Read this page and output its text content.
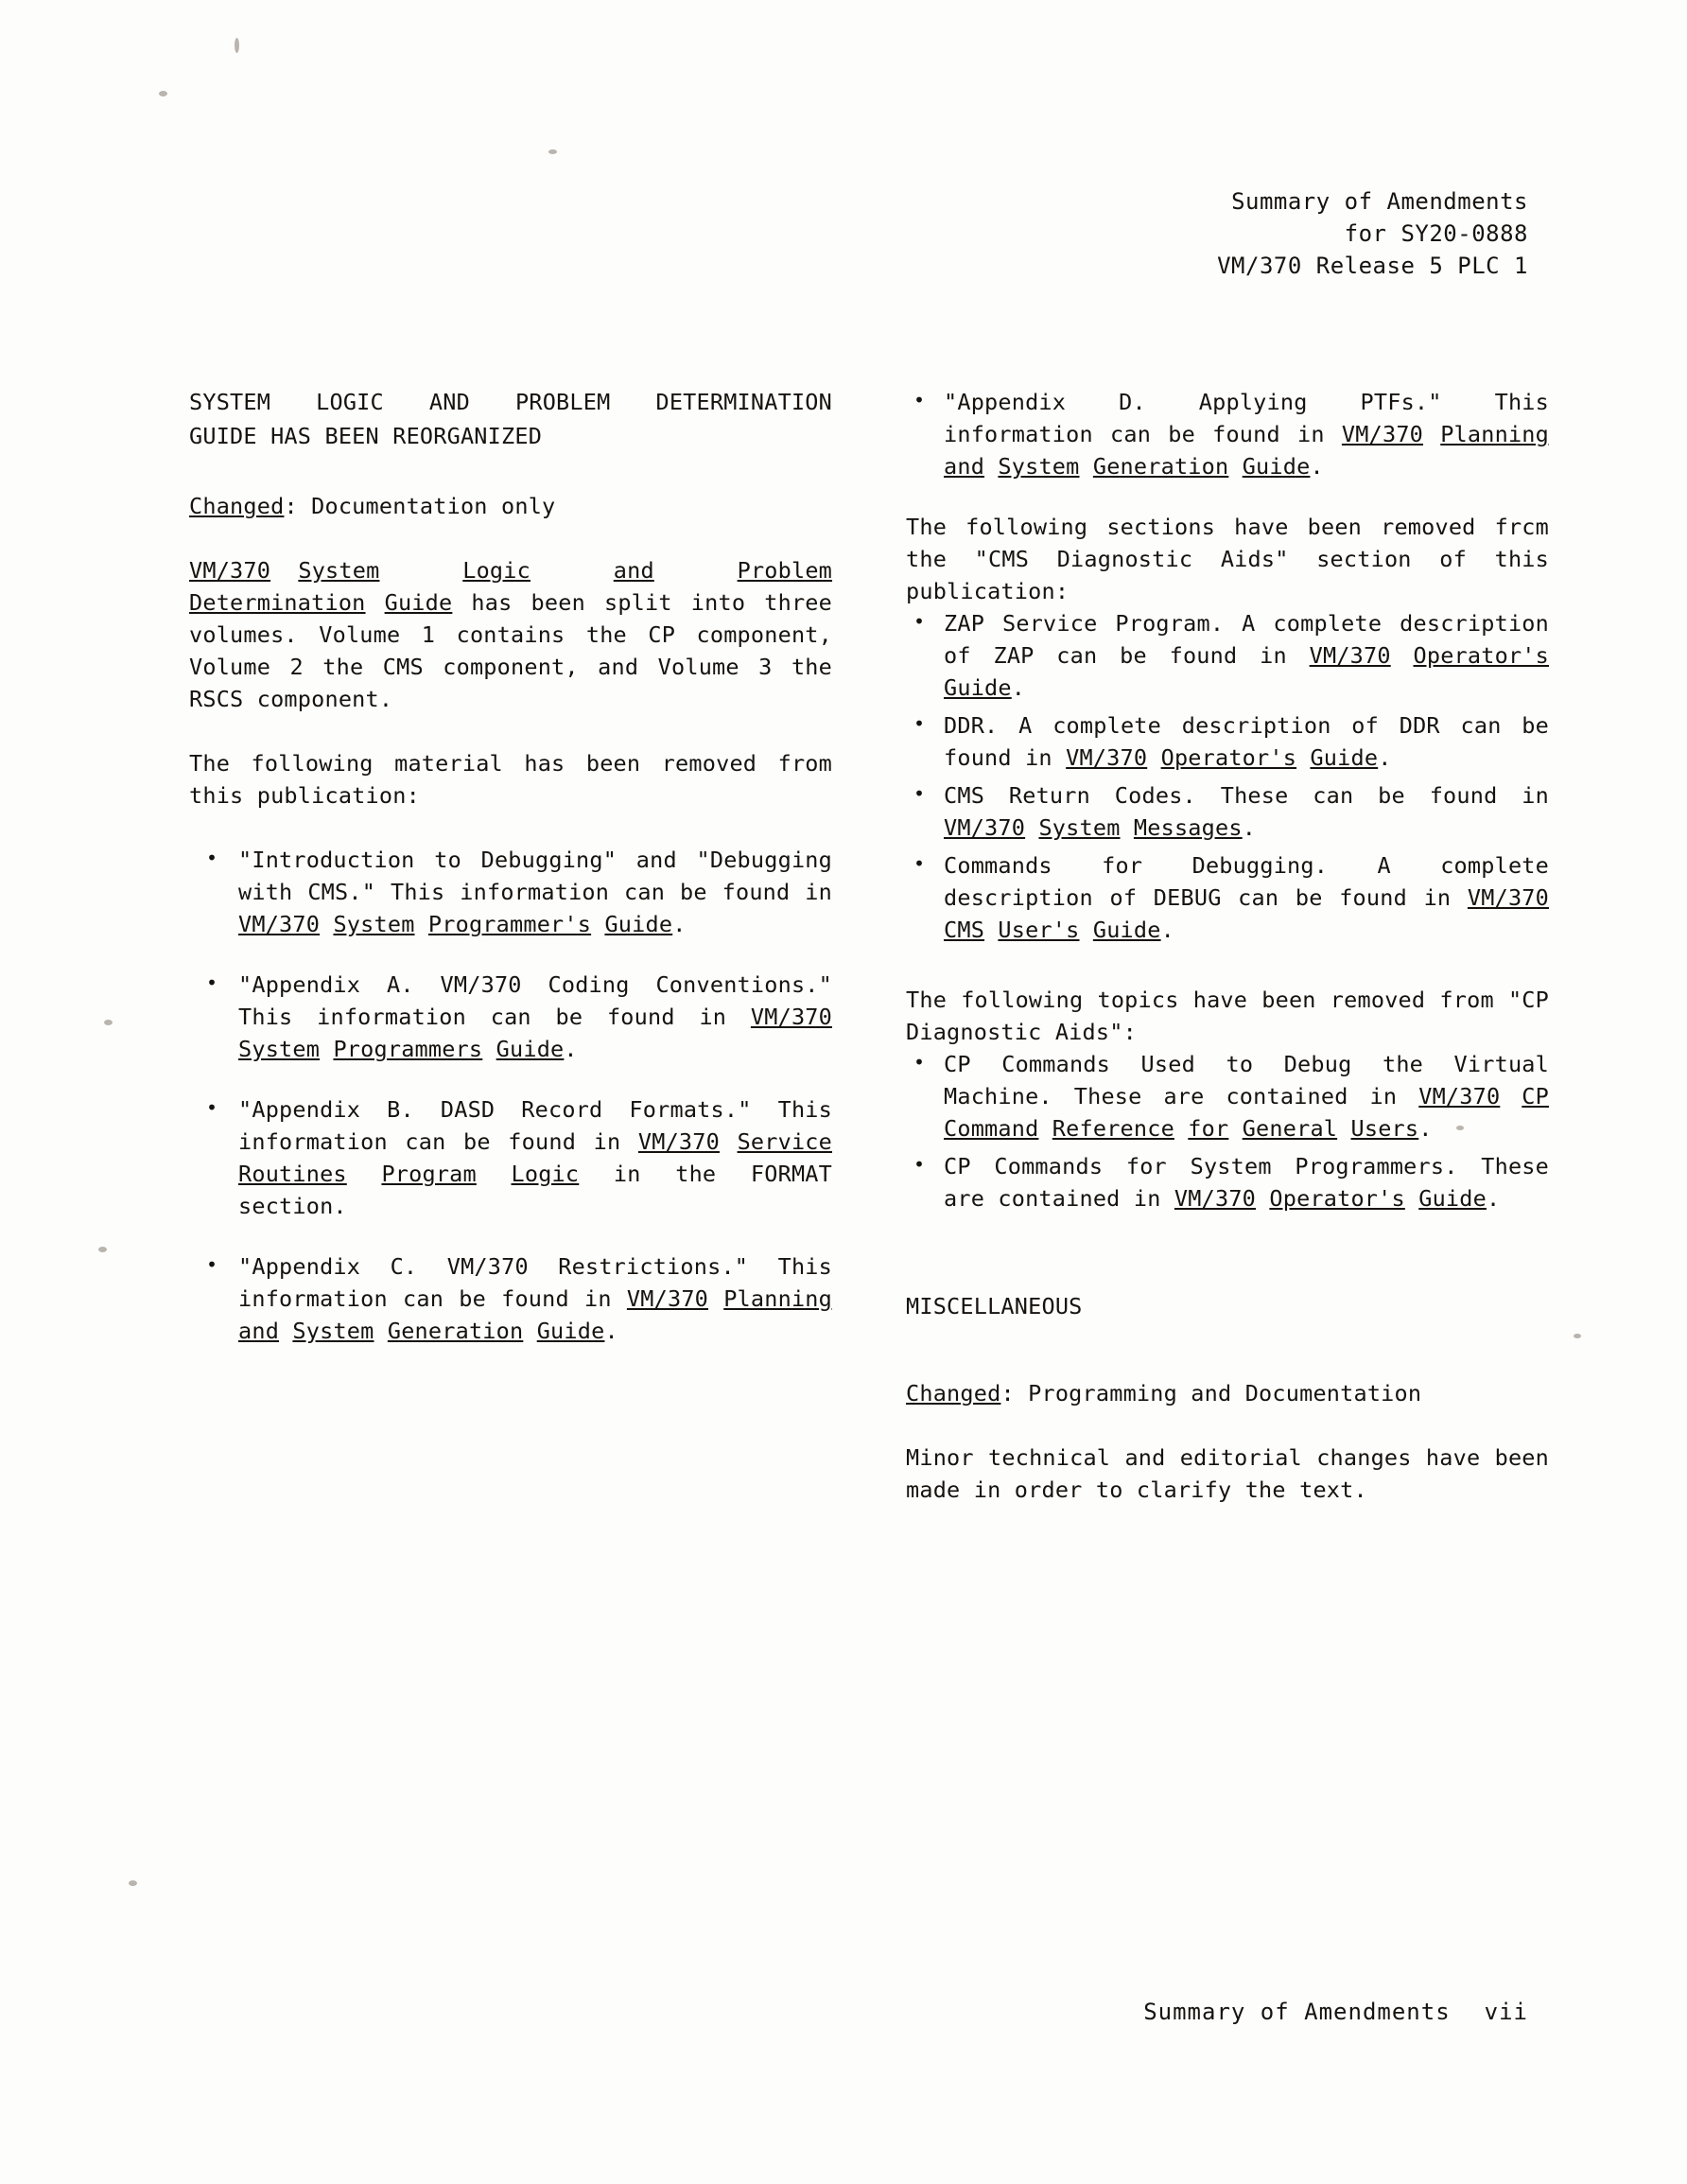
Summary of Amendments
for SY20-0888
VM/370 Release 5 PLC 1
SYSTEM LOGIC AND PROBLEM DETERMINATION
GUIDE HAS BEEN REORGANIZED

Changed: Documentation only

VM/370 System	Logic	and	Problem Determination Guide has been split into three volumes. Volume 1 contains the CP component, Volume 2 the CMS component, and Volume 3 the RSCS component.

The following material has been removed from this publication:

• "Introduction to Debugging" and "Debugging with CMS." This information can be found in VM/370 System Programmer's Guide.
• "Appendix A. VM/370 Coding Conventions." This information can be found in VM/370 System Programmers Guide.
• "Appendix B. DASD Record Formats." This information can be found in VM/370 Service Routines Program Logic in the FORMAT section.
• "Appendix C. VM/370 Restrictions." This information can be found in VM/370 Planning and System Generation Guide.
• "Appendix D. Applying PTFs." This information can be found in VM/370 Planning and System Generation Guide.

The following sections have been removed frcm the "CMS Diagnostic Aids" section of this publication:

• ZAP Service Program. A complete description of ZAP can be found in VM/370 Operator's Guide.
• DDR. A complete description of DDR can be found in VM/370 Operator's Guide.
• CMS Return Codes. These can be found in VM/370 System Messages.
• Commands for Debugging. A complete description of DEBUG can be found in VM/370 CMS User's Guide.

The following topics have been removed from "CP Diagnostic Aids":

• CP Commands Used to Debug the Virtual Machine. These are contained in VM/370 CP Command Reference for General Users.
• CP Commands for System Programmers. These are contained in VM/370 Operator's Guide.

MISCELLANEOUS

Changed: Programming and Documentation

Minor technical and editorial changes have been made in order to clarify the text.

Summary of Amendments vii
